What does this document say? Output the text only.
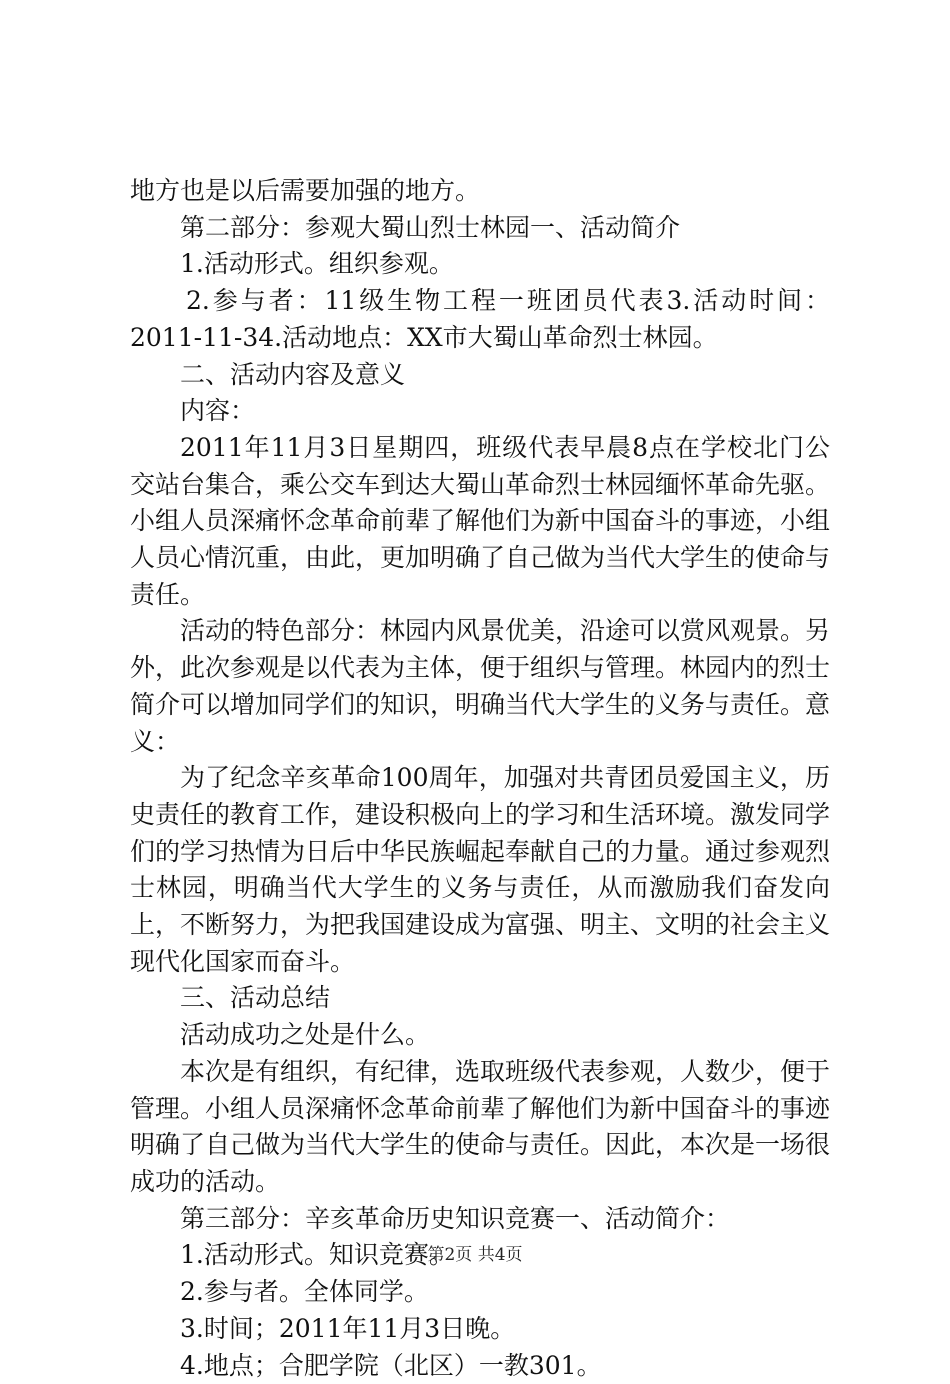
地方也是以后需要加强的地方。

第二部分：参观大蜀山烈士林园一、活动简介

1.活动形式。组织参观。

2.参与者：11级生物工程一班团员代表3.活动时间：2011-11-34.活动地点：XX市大蜀山革命烈士林园。

二、活动内容及意义

内容：

2011年11月3日星期四，班级代表早晨8点在学校北门公交站台集合，乘公交车到达大蜀山革命烈士林园缅怀革命先驱。小组人员深痛怀念革命前辈了解他们为新中国奋斗的事迹，小组人员心情沉重，由此，更加明确了自己做为当代大学生的使命与责任。

活动的特色部分：林园内风景优美，沿途可以赏风观景。另外，此次参观是以代表为主体，便于组织与管理。林园内的烈士简介可以增加同学们的知识，明确当代大学生的义务与责任。意义：

为了纪念辛亥革命100周年，加强对共青团员爱国主义，历史责任的教育工作，建设积极向上的学习和生活环境。激发同学们的学习热情为日后中华民族崛起奉献自己的力量。通过参观烈士林园，明确当代大学生的义务与责任，从而激励我们奋发向上，不断努力，为把我国建设成为富强、明主、文明的社会主义现代化国家而奋斗。

三、活动总结

活动成功之处是什么。

本次是有组织，有纪律，选取班级代表参观，人数少，便于管理。小组人员深痛怀念革命前辈了解他们为新中国奋斗的事迹明确了自己做为当代大学生的使命与责任。因此，本次是一场很成功的活动。

第三部分：辛亥革命历史知识竞赛一、活动简介：

1.活动形式。知识竞赛。

2.参与者。全体同学。

3.时间；2011年11月3日晚。

4.地点；合肥学院（北区）一教301。

第2页 共4页
